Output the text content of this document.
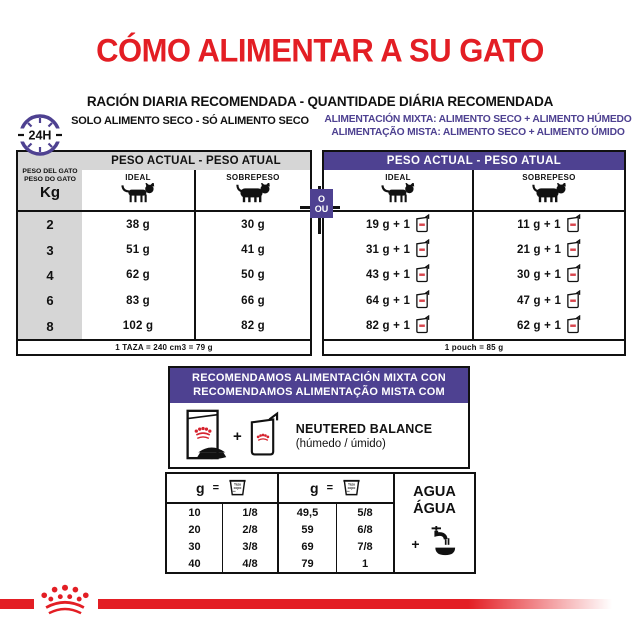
CÓMO ALIMENTAR A SU GATO
RACIÓN DIARIA RECOMENDADA - QUANTIDADE DIÁRIA RECOMENDADA
SOLO ALIMENTO SECO - SÓ ALIMENTO SECO	ALIMENTACIÓN MIXTA: ALIMENTO SECO + ALIMENTO HÚMEDO
ALIMENTAÇÃO MISTA: ALIMENTO SECO + ALIMENTO ÚMIDO
24H
PESO DEL GATO
PESO DO GATO
Kg
PESO ACTUAL - PESO ATUAL
IDEAL	SOBREPESO
2	38 g	30 g
3	51 g	41 g
4	62 g	50 g
6	83 g	66 g
8	102 g	82 g
1 TAZA = 240 cm3 = 79 g
O
OU
PESO ACTUAL - PESO ATUAL
IDEAL	SOBREPESO
19 g + 1	11 g + 1
31 g + 1	21 g + 1
43 g + 1	30 g + 1
64 g + 1	47 g + 1
82 g + 1	62 g + 1
1 pouch = 85 g
RECOMENDAMOS ALIMENTACIÓN MIXTA CON
RECOMENDAMOS ALIMENTAÇÃO MISTA COM
+	NEUTERED BALANCE
(húmedo / úmido)
g =	Taza
copo	g =	Taza
copo	AGUA
ÁGUA
+
10	1/8	49,5	5/8
20	2/8	59	6/8
30	3/8	69	7/8
40	4/8	79	1
